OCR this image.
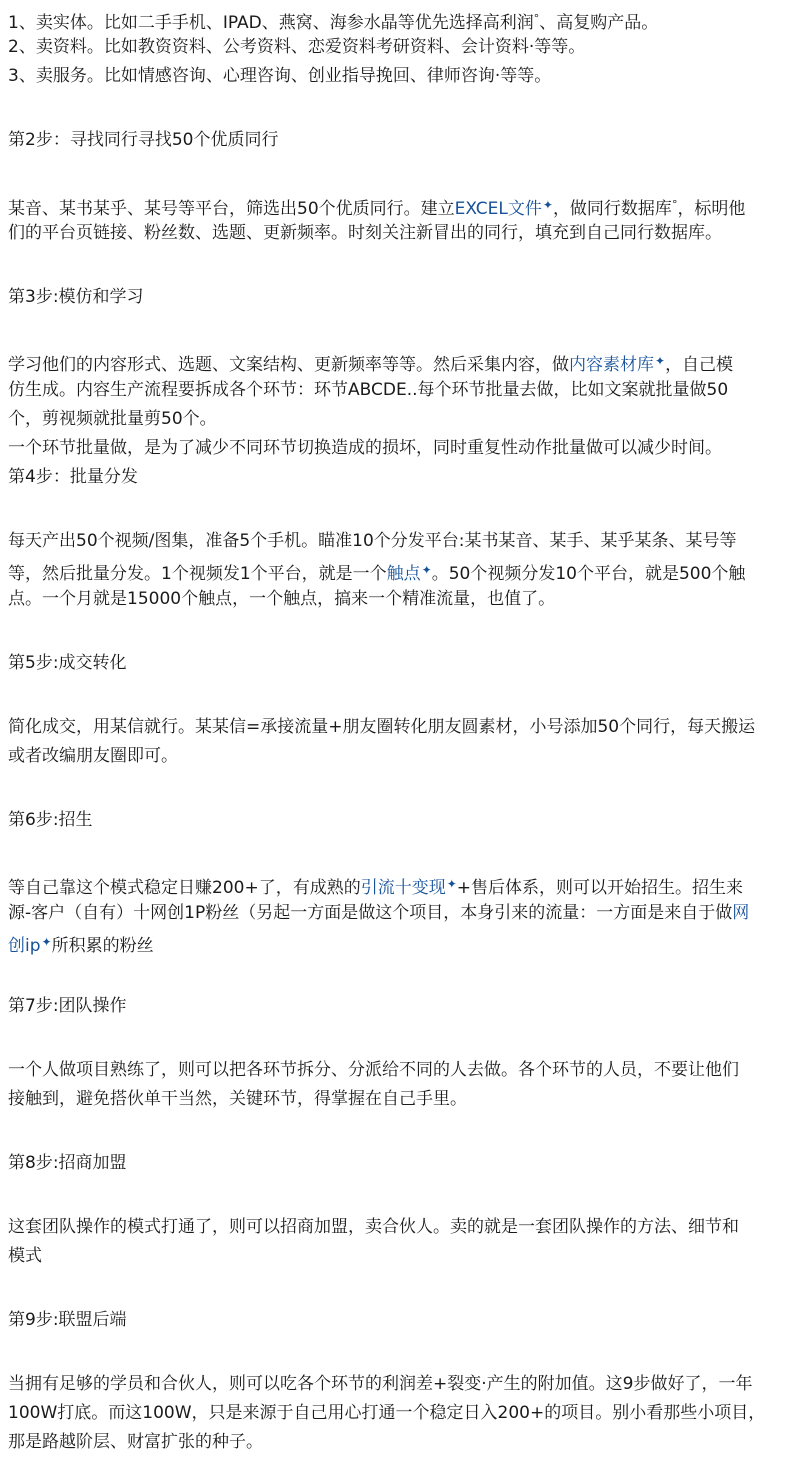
1、卖实体。比如二手手机、IPAD、燕窝、海参水晶等优先选择高利润°、高复购产品。
2、卖资料。比如教资资料、公考资料、恋爱资料考研资料、会计资料·等等。
3、卖服务。比如情感咨询、心理咨询、创业指导挽回、律师咨询·等等。
第2步：寻找同行寻找50个优质同行
某音、某书某乎、某号等平台，筛选出50个优质同行。建立EXCEL文件✦，做同行数据库°，标明他
们的平台页链接、粉丝数、选题、更新频率。时刻关注新冒出的同行，填充到自己同行数据库。
第3步:模仿和学习
学习他们的内容形式、选题、文案结构、更新频率等等。然后采集内容，做内容素材库✦，自己模
仿生成。内容生产流程要拆成各个环节：环节ABCDE..每个环节批量去做，比如文案就批量做50
个，剪视频就批量剪50个。
一个环节批量做，是为了减少不同环节切换造成的损坏，同时重复性动作批量做可以减少时间。
第4步：批量分发
每天产出50个视频/图集，准备5个手机。瞄准10个分发平台:某书某音、某手、某乎某条、某号等
等，然后批量分发。1个视频发1个平台，就是一个触点✦。50个视频分发10个平台，就是500个触
点。一个月就是15000个触点，一个触点，搞来一个精准流量，也值了。
第5步:成交转化
简化成交，用某信就行。某某信=承接流量+朋友圈转化朋友圆素材，小号添加50个同行，每天搬运
或者改编朋友圈即可。
第6步:招生
等自己靠这个模式稳定日赚200+了，有成熟的引流十变现✦+售后体系，则可以开始招生。招生来
源-客户（自有）十网创1P粉丝（另起一方面是做这个项目，本身引来的流量：一方面是来自于做网
创ip✦所积累的粉丝
第7步:团队操作
一个人做项目熟练了，则可以把各环节拆分、分派给不同的人去做。各个环节的人员，不要让他们
接触到，避免搭伙单干当然，关键环节，得掌握在自己手里。
第8步:招商加盟
这套团队操作的模式打通了，则可以招商加盟，卖合伙人。卖的就是一套团队操作的方法、细节和
模式
第9步:联盟后端
当拥有足够的学员和合伙人，则可以吃各个环节的利润差+裂变·产生的附加值。这9步做好了，一年
100W打底。而这100W，只是来源于自己用心打通一个稳定日入200+的项目。别小看那些小项目，
那是路越阶层、财富扩张的种子。
